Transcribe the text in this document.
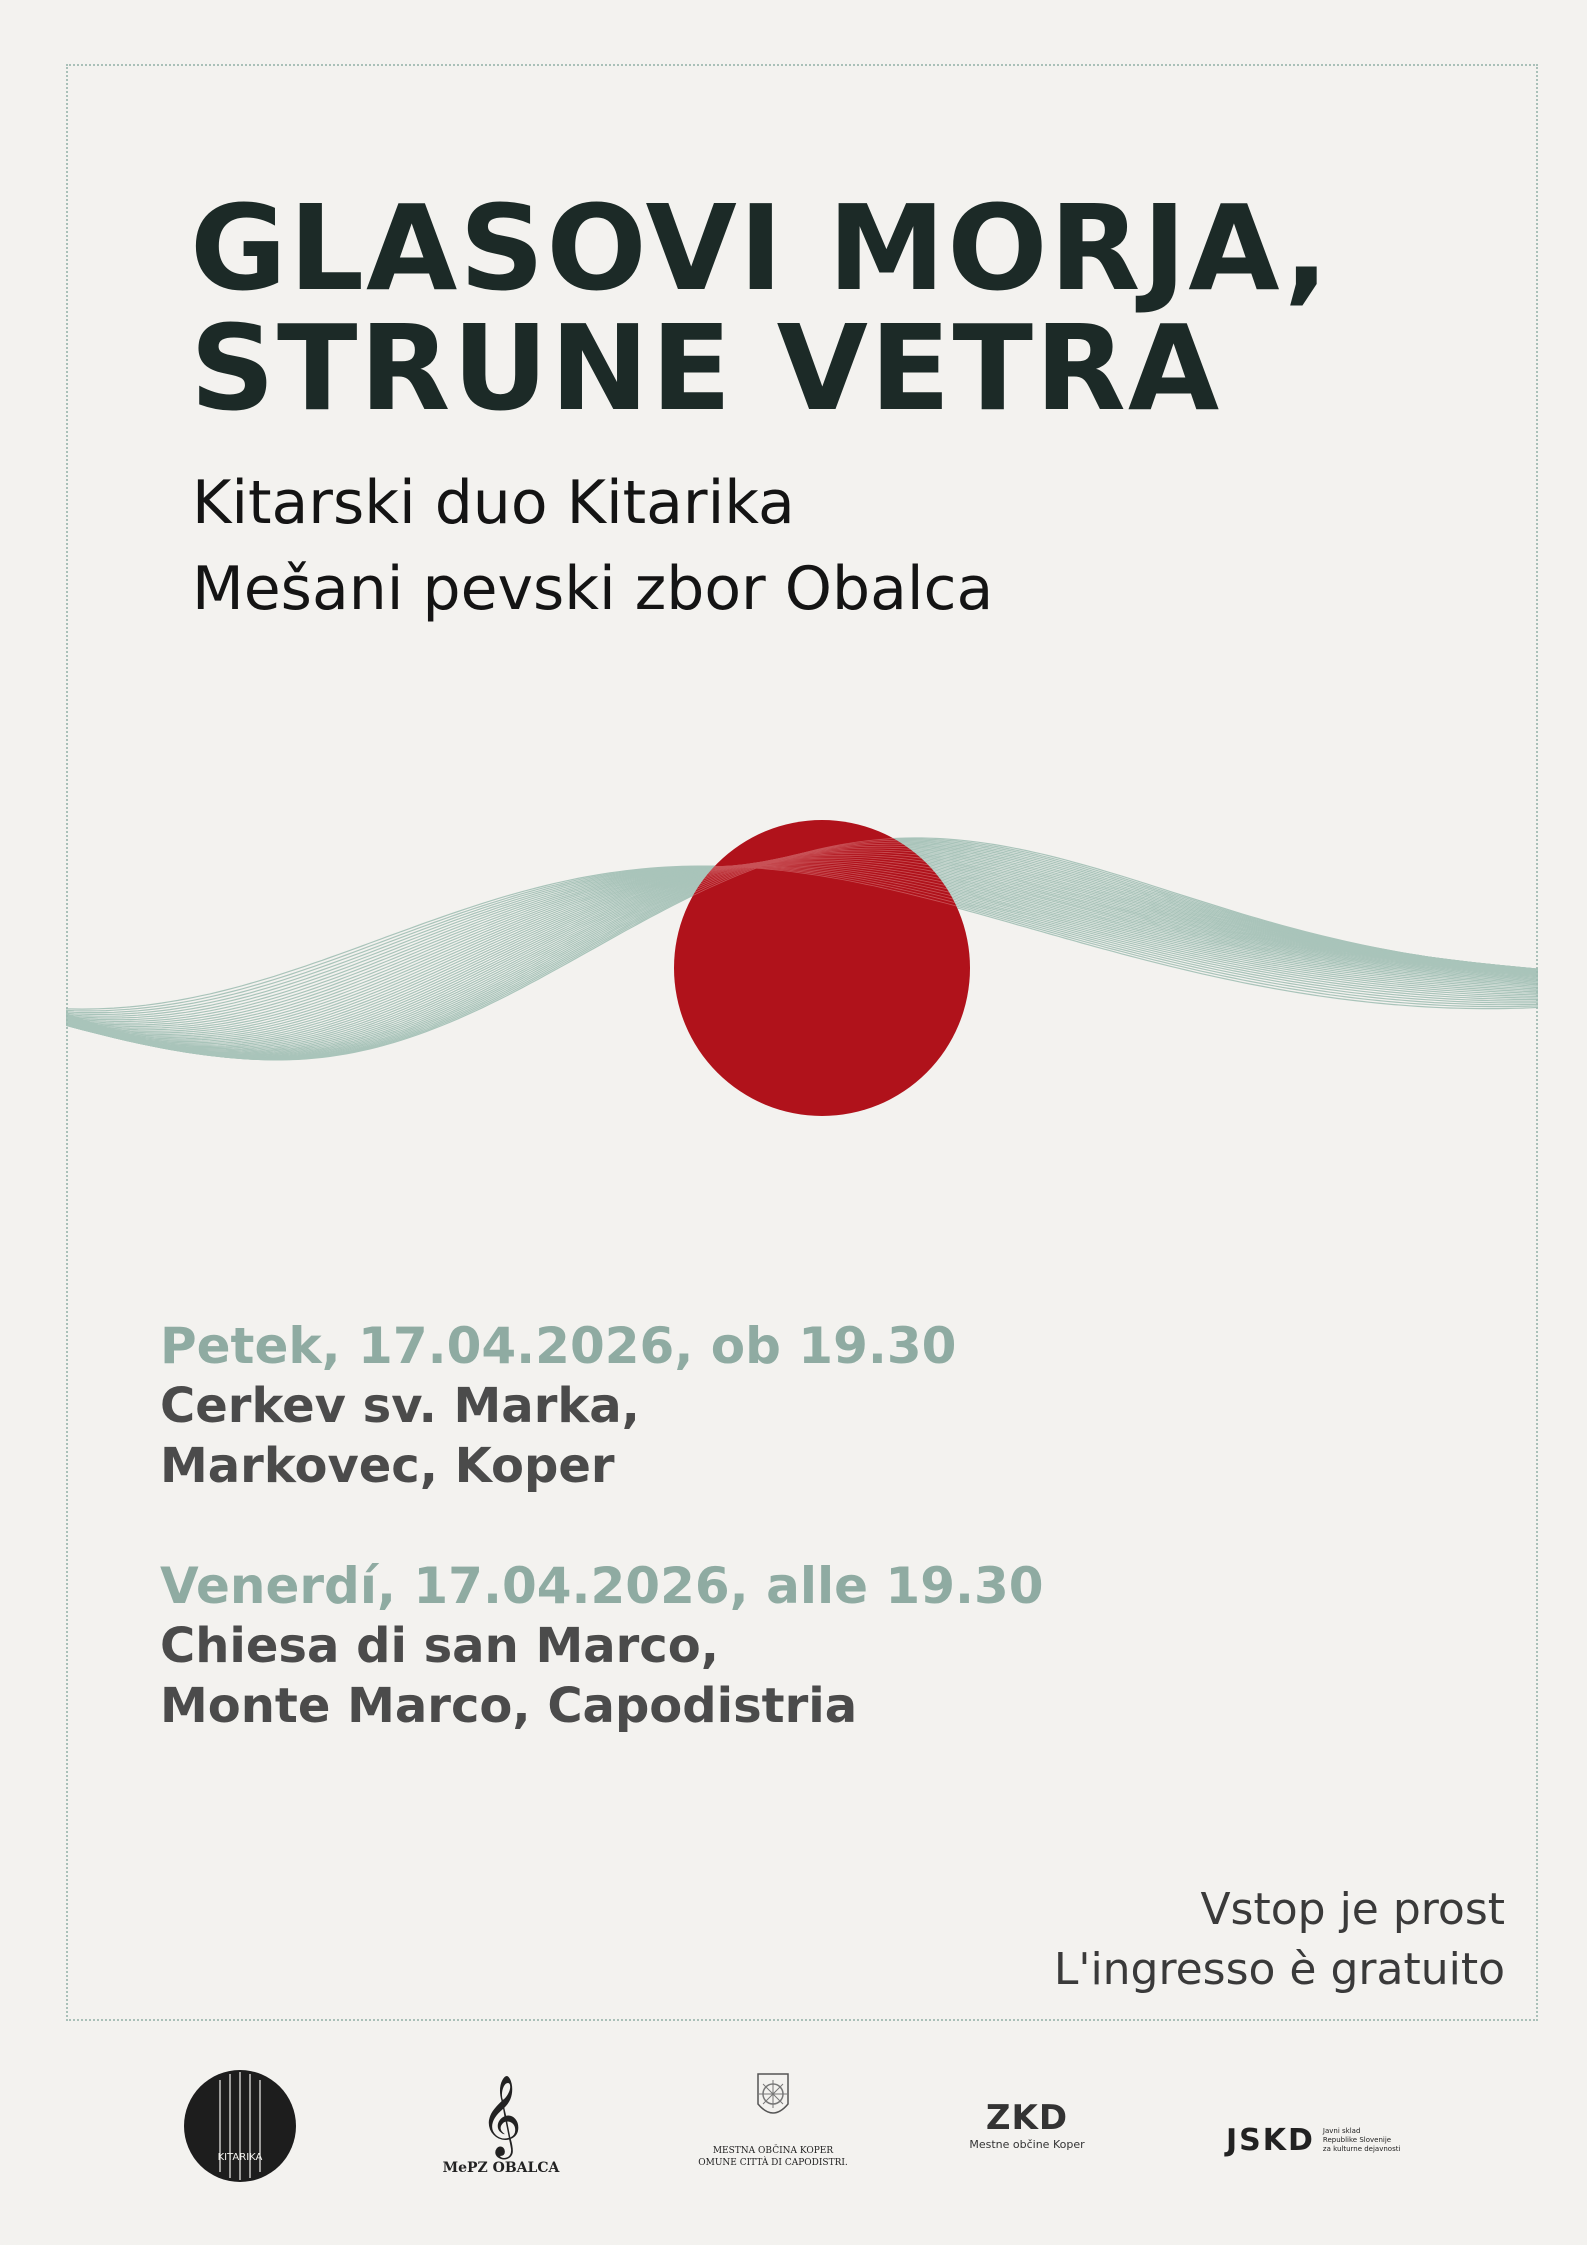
GLASOVI MORJA,
STRUNE VETRA
Kitarski duo Kitarika
Mešani pevski zbor Obalca
Petek, 17.04.2026, ob 19.30
Cerkev sv. Marka,
Markovec, Koper
Venerdí, 17.04.2026, alle 19.30
Chiesa di san Marco,
Monte Marco, Capodistria
Vstop je prost
L'ingresso è gratuito
KITARIKA
𝄞
MePZ OBALCA
MESTNA OBČINA KOPER
OMUNE CITTÀ DI CAPODISTRI.
ZKD
Mestne občine Koper	JSKD Javni sklad
Republike Slovenije
za kulturne dejavnosti
